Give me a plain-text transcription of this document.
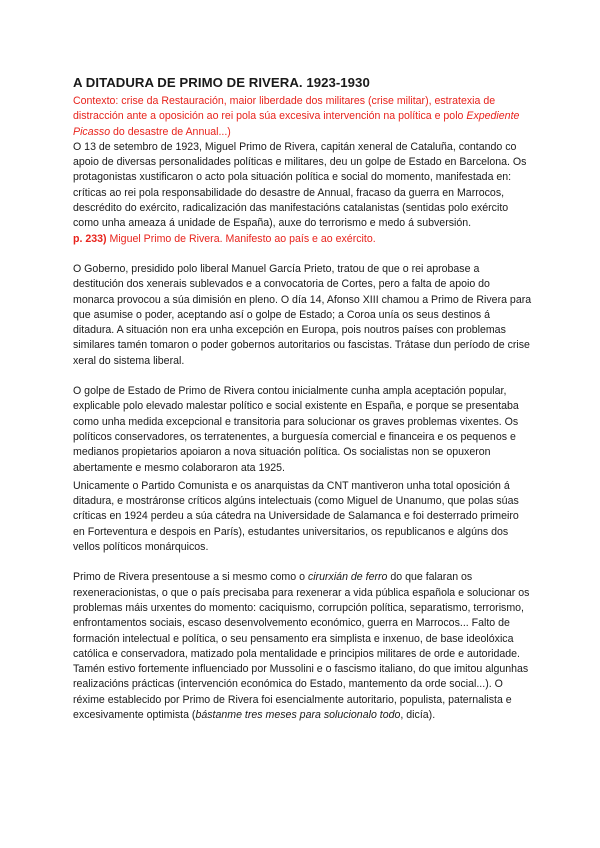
A DITADURA DE PRIMO DE RIVERA. 1923-1930

Contexto: crise da Restauración, maior liberdade dos militares (crise militar), estratexia de distracción ante a oposición ao rei pola súa excesiva intervención na política e polo Expediente Picasso do desastre de Annual...)

O 13 de setembro de 1923, Miguel Primo de Rivera, capitán xeneral de Cataluña, contando co apoio de diversas personalidades políticas e militares, deu un golpe de Estado en Barcelona. Os protagonistas xustificaron o acto pola situación política e social do momento, manifestada en: críticas ao rei pola responsabilidade do desastre de Annual, fracaso da guerra en Marrocos, descrédito do exército, radicalización das manifestacións catalanistas (sentidas polo exército como unha ameaza á unidade de España), auxe do terrorismo e medo á subversión.

p. 233) Miguel Primo de Rivera. Manifesto ao país e ao exército.

O Goberno, presidido polo liberal Manuel García Prieto, tratou de que o rei aprobase a destitución dos xenerais sublevados e a convocatoria de Cortes, pero a falta de apoio do monarca provocou a súa dimisión en pleno. O día 14, Afonso XIII chamou a Primo de Rivera para que asumise o poder, aceptando así o golpe de Estado; a Coroa unía os seus destinos á ditadura. A situación non era unha excepción en Europa, pois noutros países con problemas similares tamén tomaron o poder gobernos autoritarios ou fascistas. Trátase dun período de crise xeral do sistema liberal.

O golpe de Estado de Primo de Rivera contou inicialmente cunha ampla aceptación popular, explicable polo elevado malestar político e social existente en España, e porque se presentaba como unha medida excepcional e transitoria para solucionar os graves problemas vixentes. Os políticos conservadores, os terratenentes, a burguesía comercial e financeira e os pequenos e medianos propietarios apoiaron a nova situación política. Os socialistas non se opuxeron abertamente e mesmo colaboraron ata 1925.

Unicamente o Partido Comunista e os anarquistas da CNT mantiveron unha total oposición á ditadura, e mostráronse críticos algúns intelectuais (como Miguel de Unanumo, que polas súas críticas en 1924 perdeu a súa cátedra na Universidade de Salamanca e foi desterrado primeiro en Forteventura e despois en París), estudantes universitarios, os republicanos e algúns dos vellos políticos monárquicos.

Primo de Rivera presentouse a si mesmo como o cirurxián de ferro do que falaran os rexeneracionistas, o que o país precisaba para rexenerar a vida pública española e solucionar os problemas máis urxentes do momento: caciquismo, corrupción política, separatismo, terrorismo, enfrontamentos sociais, escaso desenvolvemento económico, guerra en Marrocos... Falto de formación intelectual e política, o seu pensamento era simplista e inxenuo, de base ideolóxica católica e conservadora, matizado pola mentalidade e principios militares de orde e autoridade. Tamén estivo fortemente influenciado por Mussolini e o fascismo italiano, do que imitou algunhas realizacións prácticas (intervención económica do Estado, mantemento da orde social...). O réxime establecido por Primo de Rivera foi esencialmente autoritario, populista, paternalista e excesivamente optimista (bástanme tres meses para solucionalo todo, dicía).
